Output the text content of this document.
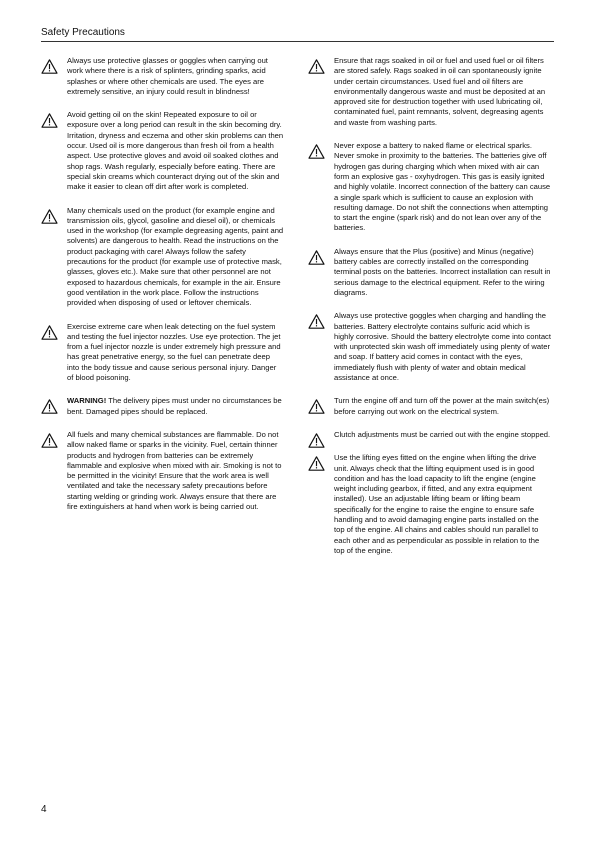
Safety Precautions
Always use protective glasses or goggles when carrying out work where there is a risk of splinters, grinding sparks, acid splashes or where other chemicals are used. The eyes are extremely sensitive, an injury could result in blindness!
Avoid getting oil on the skin! Repeated exposure to oil or exposure over a long period can result in the skin becoming dry. Irritation, dryness and eczema and other skin problems can then occur. Used oil is more dangerous than fresh oil from a health aspect. Use protective gloves and avoid oil soaked clothes and shop rags. Wash regularly, especially before eating. There are special skin creams which counteract drying out of the skin and make it easier to clean off dirt after work is completed.
Many chemicals used on the product (for example engine and transmission oils, glycol, gasoline and diesel oil), or chemicals used in the workshop (for example degreasing agents, paint and solvents) are dangerous to health. Read the instructions on the product packaging with care! Always follow the safety precautions for the product (for example use of protective mask, glasses, gloves etc.). Make sure that other personnel are not exposed to hazardous chemicals, for example in the air. Ensure good ventilation in the work place. Follow the instructions provided when disposing of used or leftover chemicals.
Exercise extreme care when leak detecting on the fuel system and testing the fuel injector nozzles. Use eye protection. The jet from a fuel injector nozzle is under extremely high pressure and has great penetrative energy, so the fuel can penetrate deep into the body tissue and cause serious personal injury. Danger of blood poisoning.
WARNING! The delivery pipes must under no circumstances be bent. Damaged pipes should be replaced.
All fuels and many chemical substances are flammable. Do not allow naked flame or sparks in the vicinity. Fuel, certain thinner products and hydrogen from batteries can be extremely flammable and explosive when mixed with air. Smoking is not to be permitted in the vicinity! Ensure that the work area is well ventilated and take the necessary safety precautions before starting welding or grinding work. Always ensure that there are fire extinguishers at hand when work is being carried out.
Ensure that rags soaked in oil or fuel and used fuel or oil filters are stored safely. Rags soaked in oil can spontaneously ignite under certain circumstances. Used fuel and oil filters are environmentally dangerous waste and must be deposited at an approved site for destruction together with used lubricating oil, contaminated fuel, paint remnants, solvent, degreasing agents and waste from washing parts.
Never expose a battery to naked flame or electrical sparks. Never smoke in proximity to the batteries. The batteries give off hydrogen gas during charging which when mixed with air can form an explosive gas - oxyhydrogen. This gas is easily ignited and highly volatile. Incorrect connection of the battery can cause a single spark which is sufficient to cause an explosion with resulting damage. Do not shift the connections when attempting to start the engine (spark risk) and do not lean over any of the batteries.
Always ensure that the Plus (positive) and Minus (negative) battery cables are correctly installed on the corresponding terminal posts on the batteries. Incorrect installation can result in serious damage to the electrical equipment. Refer to the wiring diagrams.
Always use protective goggles when charging and handling the batteries. Battery electrolyte contains sulfuric acid which is highly corrosive. Should the battery electrolyte come into contact with unprotected skin wash off immediately using plenty of water and soap. If battery acid comes in contact with the eyes, immediately flush with plenty of water and obtain medical assistance at once.
Turn the engine off and turn off the power at the main switch(es) before carrying out work on the electrical system.
Clutch adjustments must be carried out with the engine stopped.
Use the lifting eyes fitted on the engine when lifting the drive unit. Always check that the lifting equipment used is in good condition and has the load capacity to lift the engine (engine weight including gearbox, if fitted, and any extra equipment installed). Use an adjustable lifting beam or lifting beam specifically for the engine to raise the engine to ensure safe handling and to avoid damaging engine parts installed on the top of the engine. All chains and cables should run parallel to each other and as perpendicular as possible in relation to the top of the engine.
4
